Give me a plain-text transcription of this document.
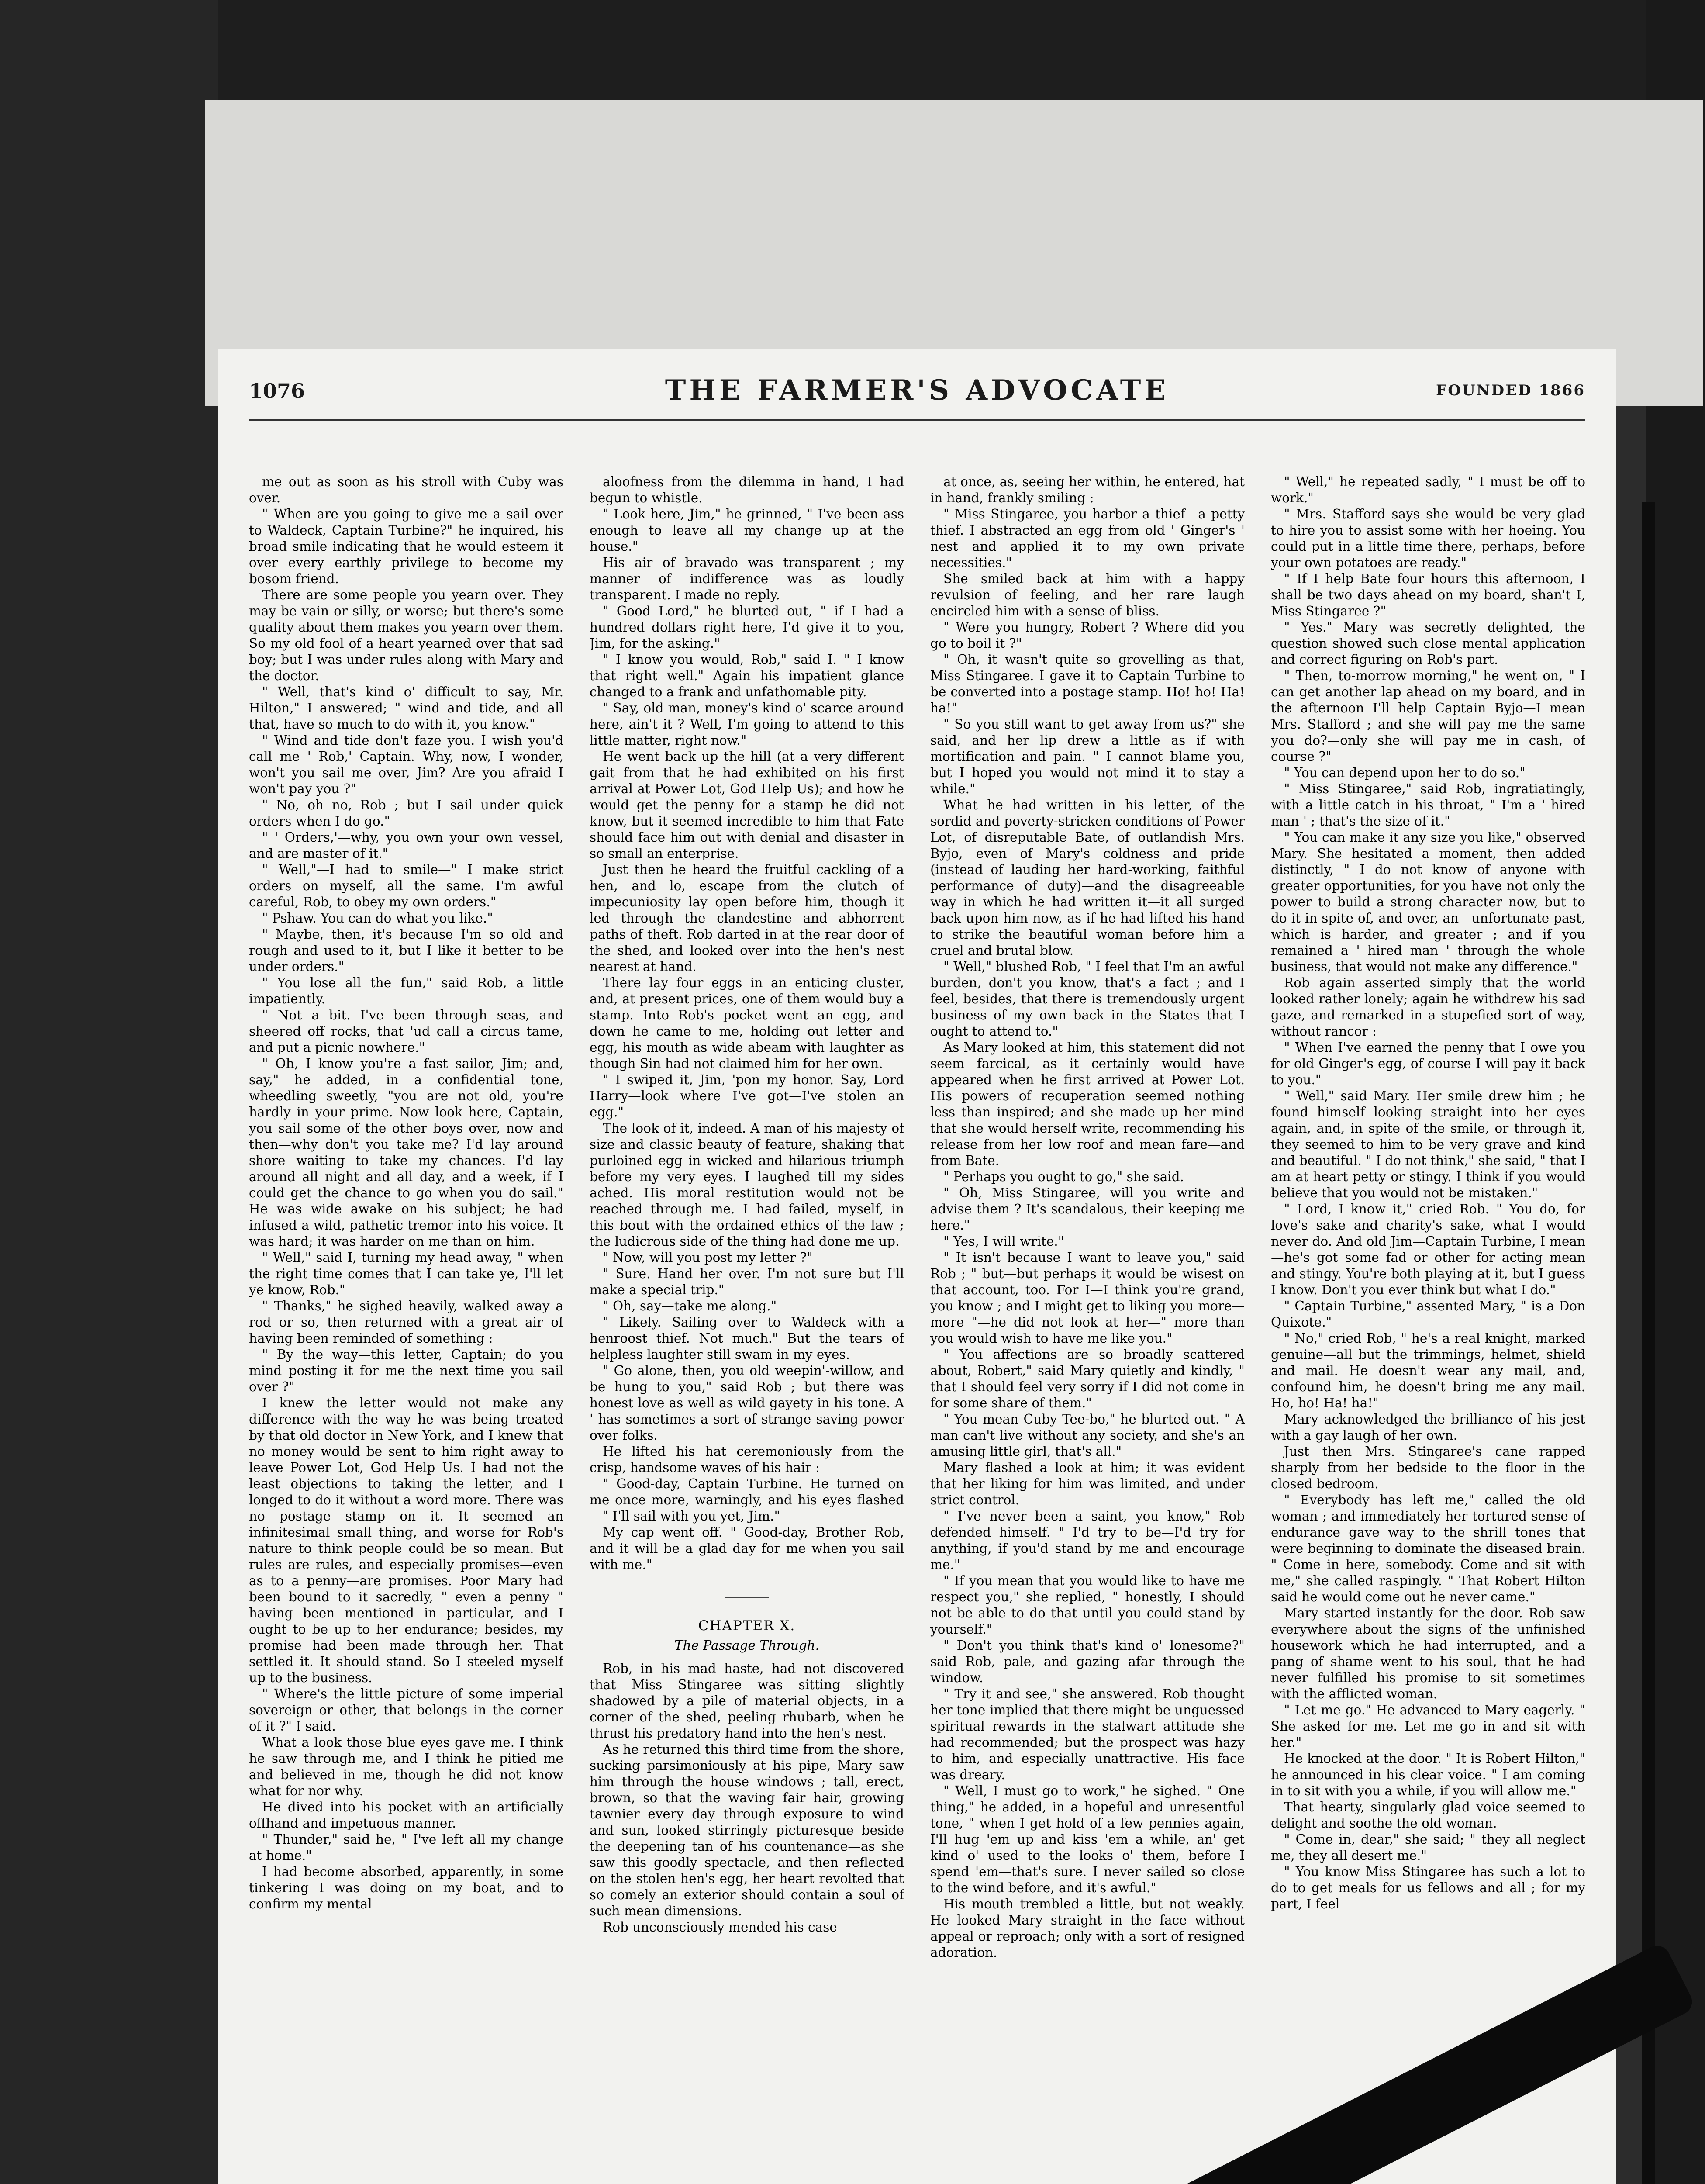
1076	THE FARMER'S ADVOCATE	FOUNDED 1866

me out as soon as his stroll with Cuby was over.

" When are you going to give me a sail over to Waldeck, Captain Turbine?" he inquired, his broad smile indicating that he would esteem it over every earthly privilege to become my bosom friend.

There are some people you yearn over. They may be vain or silly, or worse; but there's some quality about them makes you yearn over them. So my old fool of a heart yearned over that sad boy; but I was under rules along with Mary and the doctor.

" Well, that's kind o' difficult to say, Mr. Hilton," I answered; " wind and tide, and all that, have so much to do with it, you know."

" Wind and tide don't faze you. I wish you'd call me ' Rob,' Captain. Why, now, I wonder, won't you sail me over, Jim? Are you afraid I won't pay you ?"

" No, oh no, Rob ; but I sail under quick orders when I do go."

" ' Orders,'—why, you own your own vessel, and are master of it."

" Well,"—I had to smile—" I make strict orders on myself, all the same. I'm awful careful, Rob, to obey my own orders."

" Pshaw. You can do what you like."

" Maybe, then, it's because I'm so old and rough and used to it, but I like it better to be under orders."

" You lose all the fun," said Rob, a little impatiently.

" Not a bit. I've been through seas, and sheered off rocks, that 'ud call a circus tame, and put a picnic nowhere."

" Oh, I know you're a fast sailor, Jim; and, say," he added, in a confidential tone, wheedling sweetly, "you are not old, you're hardly in your prime. Now look here, Captain, you sail some of the other boys over, now and then—why don't you take me? I'd lay around shore waiting to take my chances. I'd lay around all night and all day, and a week, if I could get the chance to go when you do sail." He was wide awake on his subject; he had infused a wild, pathetic tremor into his voice. It was hard; it was harder on me than on him.

" Well," said I, turning my head away, " when the right time comes that I can take ye, I'll let ye know, Rob."

" Thanks," he sighed heavily, walked away a rod or so, then returned with a great air of having been reminded of something :

" By the way—this letter, Captain; do you mind posting it for me the next time you sail over ?"

I knew the letter would not make any difference with the way he was being treated by that old doctor in New York, and I knew that no money would be sent to him right away to leave Power Lot, God Help Us. I had not the least objections to taking the letter, and I longed to do it without a word more. There was no postage stamp on it. It seemed an infinitesimal small thing, and worse for Rob's nature to think people could be so mean. But rules are rules, and especially promises—even as to a penny—are promises. Poor Mary had been bound to it sacredly, " even a penny " having been mentioned in particular, and I ought to be up to her endurance; besides, my promise had been made through her. That settled it. It should stand. So I steeled myself up to the business.

" Where's the little picture of some imperial sovereign or other, that belongs in the corner of it ?" I said.

What a look those blue eyes gave me. I think he saw through me, and I think he pitied me and believed in me, though he did not know what for nor why.

He dived into his pocket with an artificially offhand and impetuous manner.

" Thunder," said he, " I've left all my change at home."

I had become absorbed, apparently, in some tinkering I was doing on my boat, and to confirm my mental

aloofness from the dilemma in hand, I had begun to whistle.

" Look here, Jim," he grinned, " I've been ass enough to leave all my change up at the house."

His air of bravado was transparent ; my manner of indifference was as loudly transparent. I made no reply.

" Good Lord," he blurted out, " if I had a hundred dollars right here, I'd give it to you, Jim, for the asking."

" I know you would, Rob," said I. " I know that right well." Again his impatient glance changed to a frank and unfathomable pity.

" Say, old man, money's kind o' scarce around here, ain't it ? Well, I'm going to attend to this little matter, right now."

He went back up the hill (at a very different gait from that he had exhibited on his first arrival at Power Lot, God Help Us); and how he would get the penny for a stamp he did not know, but it seemed incredible to him that Fate should face him out with denial and disaster in so small an enterprise.

Just then he heard the fruitful cackling of a hen, and lo, escape from the clutch of impecuniosity lay open before him, though it led through the clandestine and abhorrent paths of theft. Rob darted in at the rear door of the shed, and looked over into the hen's nest nearest at hand.

There lay four eggs in an enticing cluster, and, at present prices, one of them would buy a stamp. Into Rob's pocket went an egg, and down he came to me, holding out letter and egg, his mouth as wide abeam with laughter as though Sin had not claimed him for her own.

" I swiped it, Jim, 'pon my honor. Say, Lord Harry—look where I've got—I've stolen an egg."

The look of it, indeed. A man of his majesty of size and classic beauty of feature, shaking that purloined egg in wicked and hilarious triumph before my very eyes. I laughed till my sides ached. His moral restitution would not be reached through me. I had failed, myself, in this bout with the ordained ethics of the law ; the ludicrous side of the thing had done me up.

" Now, will you post my letter ?"

" Sure. Hand her over. I'm not sure but I'll make a special trip."

" Oh, say—take me along."

" Likely. Sailing over to Waldeck with a henroost thief. Not much." But the tears of helpless laughter still swam in my eyes.

" Go alone, then, you old weepin'-willow, and be hung to you," said Rob ; but there was honest love as well as wild gayety in his tone. A ' has sometimes a sort of strange saving power over folks.

He lifted his hat ceremoniously from the crisp, handsome waves of his hair :

" Good-day, Captain Turbine. He turned on me once more, warningly, and his eyes flashed—" I'll sail with you yet, Jim."

My cap went off. " Good-day, Brother Rob, and it will be a glad day for me when you sail with me."

CHAPTER X.

The Passage Through.

Rob, in his mad haste, had not discovered that Miss Stingaree was sitting slightly shadowed by a pile of material objects, in a corner of the shed, peeling rhubarb, when he thrust his predatory hand into the hen's nest.

As he returned this third time from the shore, sucking parsimoniously at his pipe, Mary saw him through the house windows ; tall, erect, brown, so that the waving fair hair, growing tawnier every day through exposure to wind and sun, looked stirringly picturesque beside the deepening tan of his countenance—as she saw this goodly spectacle, and then reflected on the stolen hen's egg, her heart revolted that so comely an exterior should contain a soul of such mean dimensions.

Rob unconsciously mended his case

at once, as, seeing her within, he entered, hat in hand, frankly smiling :

" Miss Stingaree, you harbor a thief—a petty thief. I abstracted an egg from old ' Ginger's ' nest and applied it to my own private necessities."

She smiled back at him with a happy revulsion of feeling, and her rare laugh encircled him with a sense of bliss.

" Were you hungry, Robert ? Where did you go to boil it ?"

" Oh, it wasn't quite so grovelling as that, Miss Stingaree. I gave it to Captain Turbine to be converted into a postage stamp. Ho! ho! Ha! ha!"

" So you still want to get away from us?" she said, and her lip drew a little as if with mortification and pain. " I cannot blame you, but I hoped you would not mind it to stay a while."

What he had written in his letter, of the sordid and poverty-stricken conditions of Power Lot, of disreputable Bate, of outlandish Mrs. Byjo, even of Mary's coldness and pride (instead of lauding her hard-working, faithful performance of duty)—and the disagreeable way in which he had written it—it all surged back upon him now, as if he had lifted his hand to strike the beautiful woman before him a cruel and brutal blow.

" Well," blushed Rob, " I feel that I'm an awful burden, don't you know, that's a fact ; and I feel, besides, that there is tremendously urgent business of my own back in the States that I ought to attend to."

As Mary looked at him, this statement did not seem farcical, as it certainly would have appeared when he first arrived at Power Lot. His powers of recuperation seemed nothing less than inspired; and she made up her mind that she would herself write, recommending his release from her low roof and mean fare—and from Bate.

" Perhaps you ought to go," she said.

" Oh, Miss Stingaree, will you write and advise them ? It's scandalous, their keeping me here."

" Yes, I will write."

" It isn't because I want to leave you," said Rob ; " but—but perhaps it would be wisest on that account, too. For I—I think you're grand, you know ; and I might get to liking you more—more "—he did not look at her—" more than you would wish to have me like you."

" You affections are so broadly scattered about, Robert," said Mary quietly and kindly, " that I should feel very sorry if I did not come in for some share of them."

" You mean Cuby Tee-bo," he blurted out. " A man can't live without any society, and she's an amusing little girl, that's all."

Mary flashed a look at him; it was evident that her liking for him was limited, and under strict control.

" I've never been a saint, you know," Rob defended himself. " I'd try to be—I'd try for anything, if you'd stand by me and encourage me."

" If you mean that you would like to have me respect you," she replied, " honestly, I should not be able to do that until you could stand by yourself."

" Don't you think that's kind o' lonesome?" said Rob, pale, and gazing afar through the window.

" Try it and see," she answered. Rob thought her tone implied that there might be unguessed spiritual rewards in the stalwart attitude she had recommended; but the prospect was hazy to him, and especially unattractive. His face was dreary.

" Well, I must go to work," he sighed. " One thing," he added, in a hopeful and unresentful tone, " when I get hold of a few pennies again, I'll hug 'em up and kiss 'em a while, an' get kind o' used to the looks o' them, before I spend 'em—that's sure. I never sailed so close to the wind before, and it's awful."

His mouth trembled a little, but not weakly. He looked Mary straight in the face without appeal or reproach; only with a sort of resigned adoration.

" Well," he repeated sadly, " I must be off to work."

" Mrs. Stafford says she would be very glad to hire you to assist some with her hoeing. You could put in a little time there, perhaps, before your own potatoes are ready."

" If I help Bate four hours this afternoon, I shall be two days ahead on my board, shan't I, Miss Stingaree ?"

" Yes." Mary was secretly delighted, the question showed such close mental application and correct figuring on Rob's part.

" Then, to-morrow morning," he went on, " I can get another lap ahead on my board, and in the afternoon I'll help Captain Byjo—I mean Mrs. Stafford ; and she will pay me the same you do?—only she will pay me in cash, of course ?"

" You can depend upon her to do so."

" Miss Stingaree," said Rob, ingratiatingly, with a little catch in his throat, " I'm a ' hired man ' ; that's the size of it."

" You can make it any size you like," observed Mary. She hesitated a moment, then added distinctly, " I do not know of anyone with greater opportunities, for you have not only the power to build a strong character now, but to do it in spite of, and over, an—unfortunate past, which is harder, and greater ; and if you remained a ' hired man ' through the whole business, that would not make any difference."

Rob again asserted simply that the world looked rather lonely; again he withdrew his sad gaze, and remarked in a stupefied sort of way, without rancor :

" When I've earned the penny that I owe you for old Ginger's egg, of course I will pay it back to you."

" Well," said Mary. Her smile drew him ; he found himself looking straight into her eyes again, and, in spite of the smile, or through it, they seemed to him to be very grave and kind and beautiful. " I do not think," she said, " that I am at heart petty or stingy. I think if you would believe that you would not be mistaken."

" Lord, I know it," cried Rob. " You do, for love's sake and charity's sake, what I would never do. And old Jim—Captain Turbine, I mean—he's got some fad or other for acting mean and stingy. You're both playing at it, but I guess I know. Don't you ever think but what I do."

" Captain Turbine," assented Mary, " is a Don Quixote."

" No," cried Rob, " he's a real knight, marked genuine—all but the trimmings, helmet, shield and mail. He doesn't wear any mail, and, confound him, he doesn't bring me any mail. Ho, ho! Ha! ha!"

Mary acknowledged the brilliance of his jest with a gay laugh of her own.

Just then Mrs. Stingaree's cane rapped sharply from her bedside to the floor in the closed bedroom.

" Everybody has left me," called the old woman ; and immediately her tortured sense of endurance gave way to the shrill tones that were beginning to dominate the diseased brain. " Come in here, somebody. Come and sit with me," she called raspingly. " That Robert Hilton said he would come out he never came."

Mary started instantly for the door. Rob saw everywhere about the signs of the unfinished housework which he had interrupted, and a pang of shame went to his soul, that he had never fulfilled his promise to sit sometimes with the afflicted woman.

" Let me go." He advanced to Mary eagerly. " She asked for me. Let me go in and sit with her."

He knocked at the door. " It is Robert Hilton," he announced in his clear voice. " I am coming in to sit with you a while, if you will allow me."

That hearty, singularly glad voice seemed to delight and soothe the old woman.

" Come in, dear," she said; " they all neglect me, they all desert me."

" You know Miss Stingaree has such a lot to do to get meals for us fellows and all ; for my part, I feel
